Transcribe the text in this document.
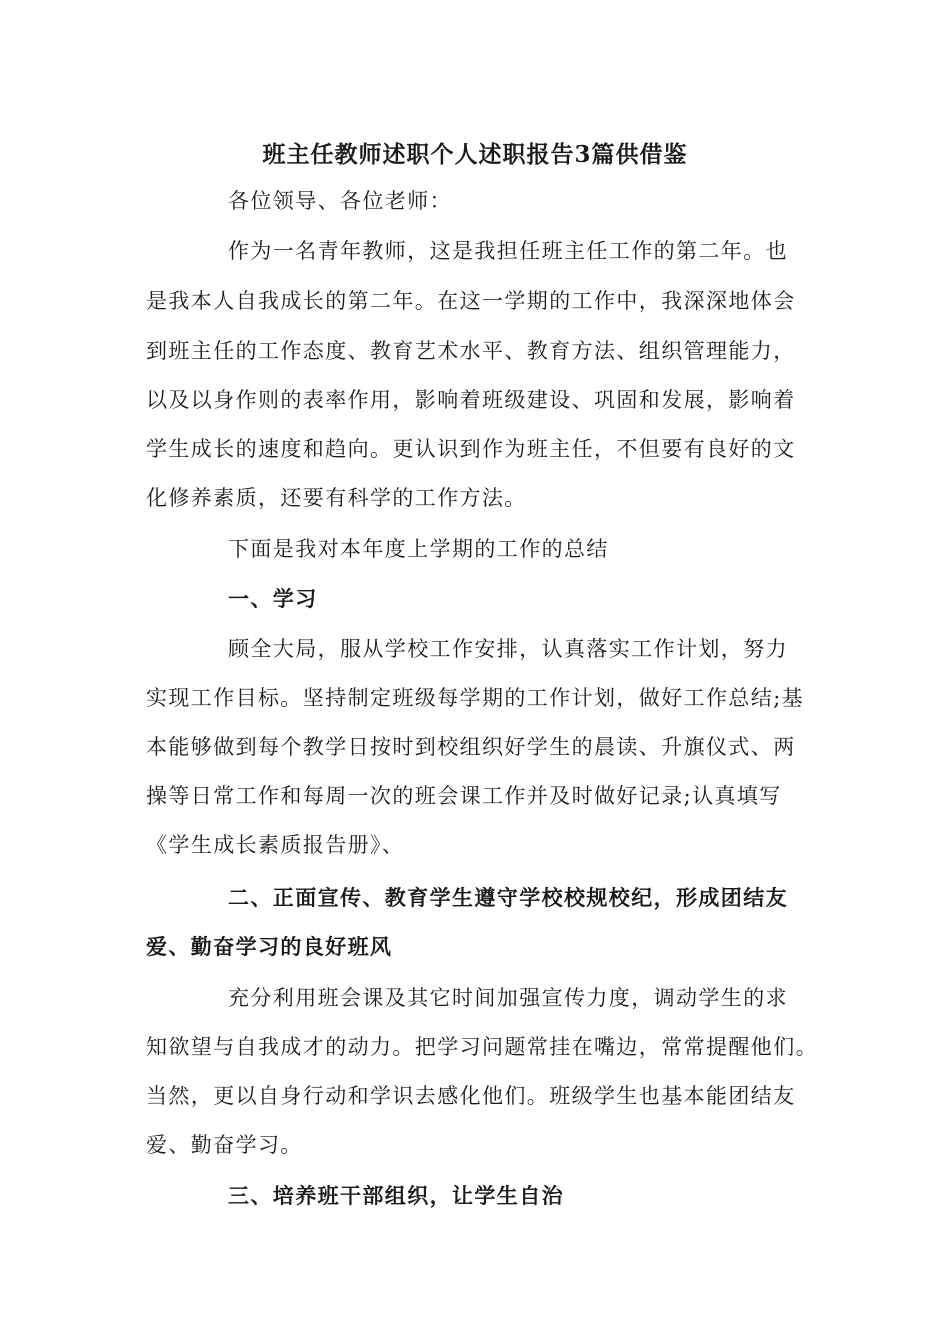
班主任教师述职个人述职报告3篇供借鉴
各位领导、各位老师：
作为一名青年教师，这是我担任班主任工作的第二年。也
是我本人自我成长的第二年。在这一学期的工作中，我深深地体会
到班主任的工作态度、教育艺术水平、教育方法、组织管理能力，
以及以身作则的表率作用，影响着班级建设、巩固和发展，影响着
学生成长的速度和趋向。更认识到作为班主任，不但要有良好的文
化修养素质，还要有科学的工作方法。
下面是我对本年度上学期的工作的总结
一、学习
顾全大局，服从学校工作安排，认真落实工作计划，努力
实现工作目标。坚持制定班级每学期的工作计划，做好工作总结;基
本能够做到每个教学日按时到校组织好学生的晨读、升旗仪式、两
操等日常工作和每周一次的班会课工作并及时做好记录;认真填写
《学生成长素质报告册》、
二、正面宣传、教育学生遵守学校校规校纪，形成团结友
爱、勤奋学习的良好班风
充分利用班会课及其它时间加强宣传力度，调动学生的求
知欲望与自我成才的动力。把学习问题常挂在嘴边，常常提醒他们。
当然，更以自身行动和学识去感化他们。班级学生也基本能团结友
爱、勤奋学习。
三、培养班干部组织，让学生自治
